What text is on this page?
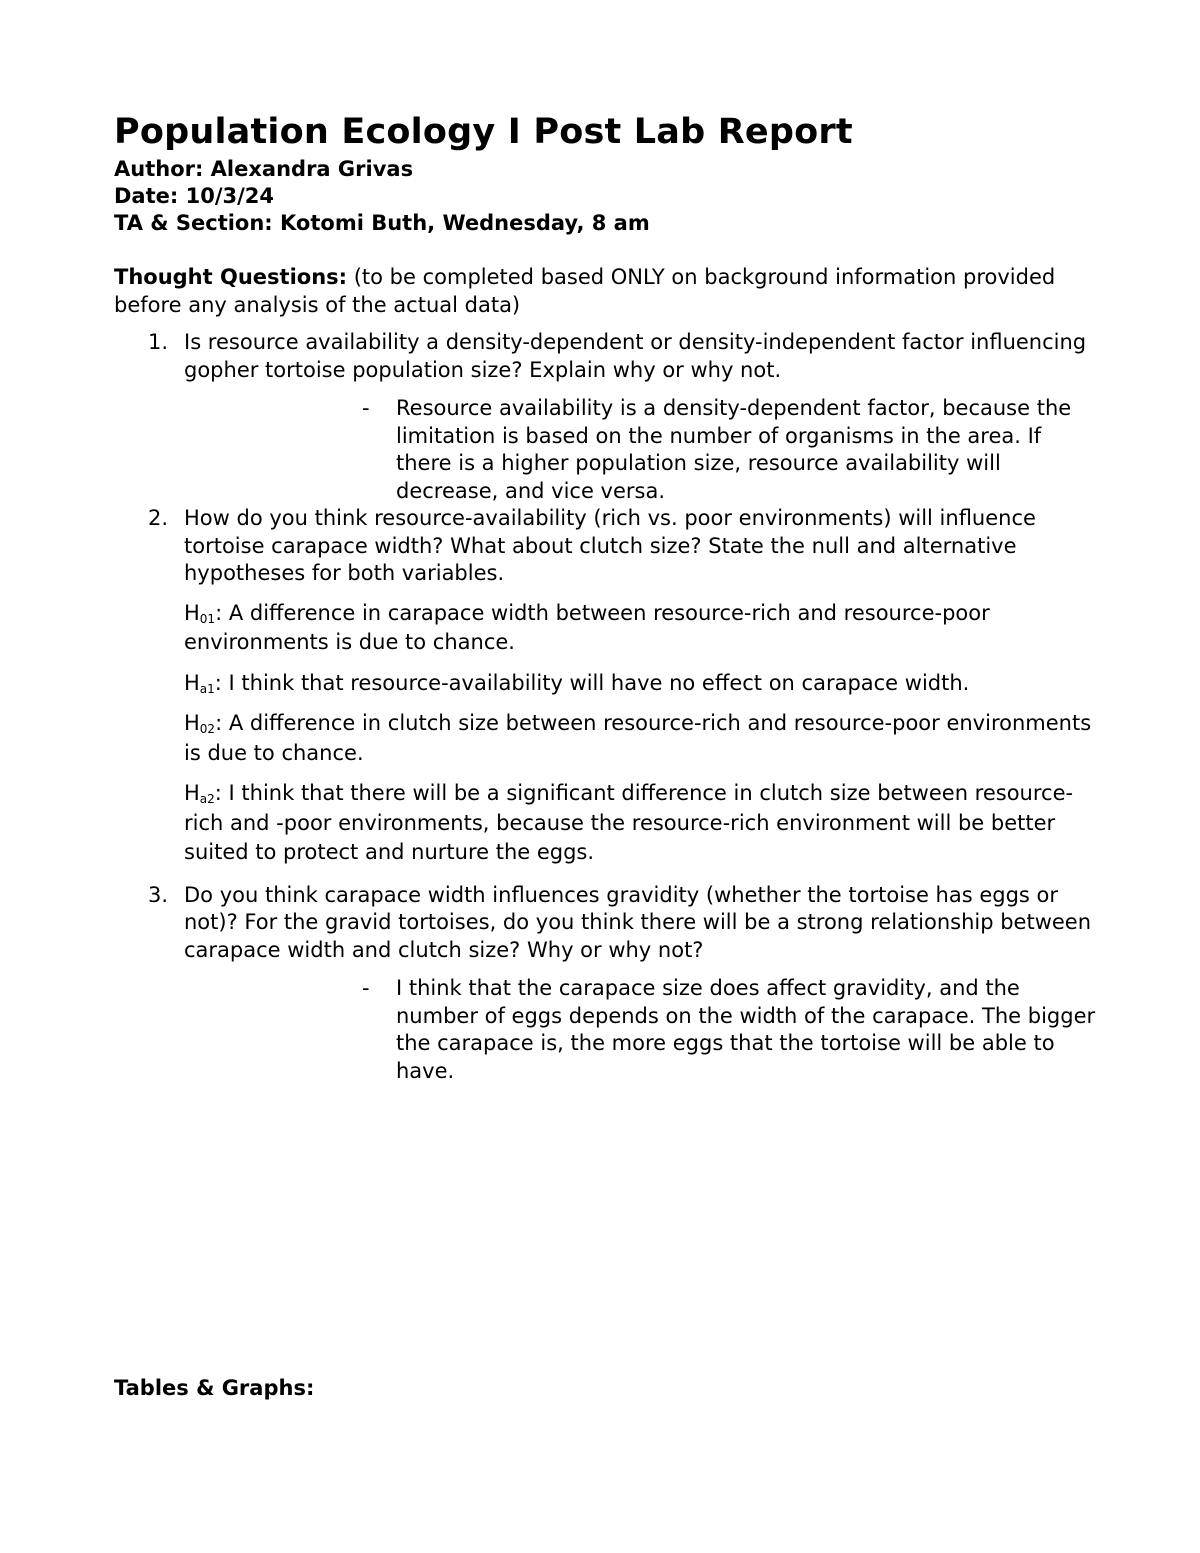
Population Ecology I Post Lab Report

Author: Alexandra Grivas

Date: 10/3/24

TA & Section: Kotomi Buth, Wednesday, 8 am

Thought Questions: (to be completed based ONLY on background information provided before any analysis of the actual data)

1. Is resource availability a density-dependent or density-independent factor influencing gopher tortoise population size? Explain why or why not.
- Resource availability is a density-dependent factor, because the limitation is based on the number of organisms in the area. If there is a higher population size, resource availability will decrease, and vice versa.
2. How do you think resource-availability (rich vs. poor environments) will influence tortoise carapace width? What about clutch size? State the null and alternative hypotheses for both variables.

$H_{01}$: A difference in carapace width between resource-rich and resource-poor environments is due to chance.

$H_{a1}$: I think that resource-availability will have no effect on carapace width.

$H_{02}$: A difference in clutch size between resource-rich and resource-poor environments is due to chance.

$H_{a2}$: I think that there will be a significant difference in clutch size between resource-rich and -poor environments, because the resource-rich environment will be better suited to protect and nurture the eggs.

3. Do you think carapace width influences gravidity (whether the tortoise has eggs or not)? For the gravid tortoises, do you think there will be a strong relationship between carapace width and clutch size? Why or why not?
- I think that the carapace size does affect gravidity, and the number of eggs depends on the width of the carapace. The bigger the carapace is, the more eggs that the tortoise will be able to have.

Tables & Graphs:
